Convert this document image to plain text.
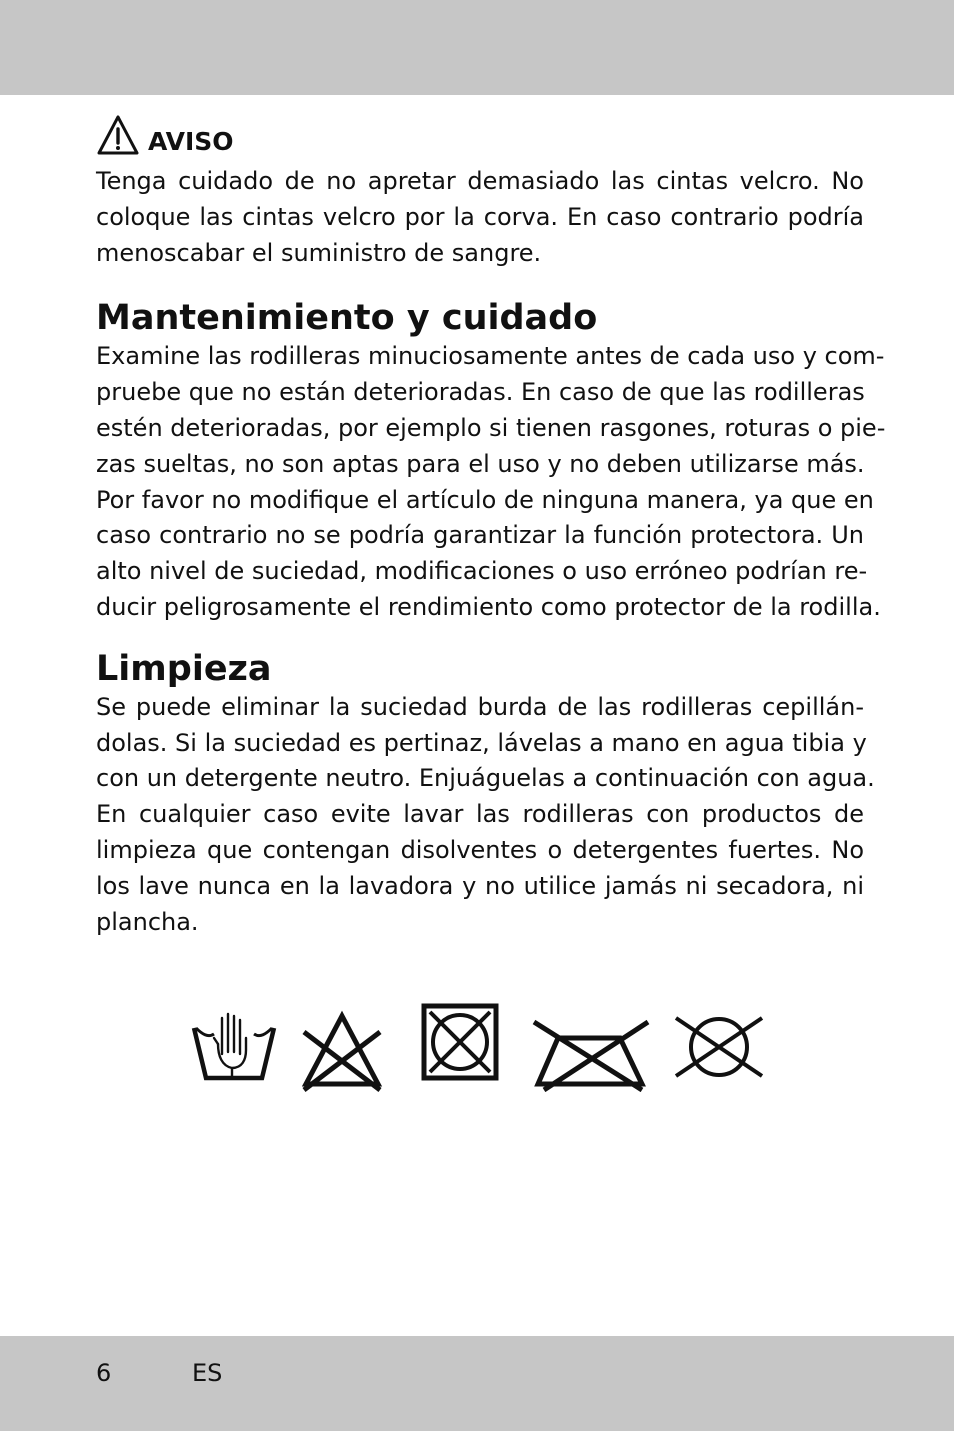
AVISO

Tenga cuidado de no apretar demasiado las cintas velcro. No
coloque las cintas velcro por la corva. En caso contrario podría
menoscabar el suministro de sangre.

Mantenimiento y cuidado

Examine las rodilleras minuciosamente antes de cada uso y com-
pruebe que no están deterioradas. En caso de que las rodilleras
estén deterioradas, por ejemplo si tienen rasgones, roturas o pie-
zas sueltas, no son aptas para el uso y no deben utilizarse más.
Por favor no modifique el artículo de ninguna manera, ya que en
caso contrario no se podría garantizar la función protectora. Un
alto nivel de suciedad, modificaciones o uso erróneo podrían re-
ducir peligrosamente el rendimiento como protector de la rodilla.

Limpieza

Se puede eliminar la suciedad burda de las rodilleras cepillán-
dolas. Si la suciedad es pertinaz, lávelas a mano en agua tibia y
con un detergente neutro. Enjuáguelas a continuación con agua.
En cualquier caso evite lavar las rodilleras con productos de
limpieza que contengan disolventes o detergentes fuertes. No
los lave nunca en la lavadora y no utilice jamás ni secadora, ni
plancha.

6	ES
